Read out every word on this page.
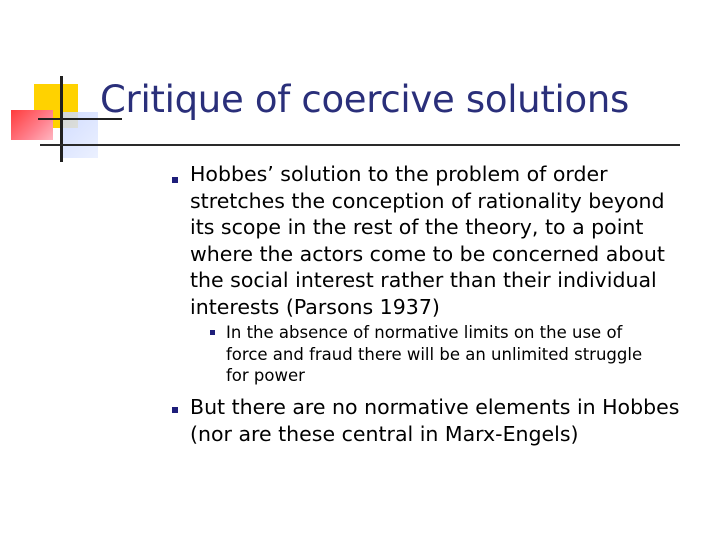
Critique of coercive solutions
Hobbes’ solution to the problem of order
stretches the conception of rationality beyond
its scope in the rest of the theory, to a point
where the actors come to be concerned about
the social interest rather than their individual
interests (Parsons 1937)
In the absence of normative limits on the use of
force and fraud there will be an unlimited struggle
for power
But there are no normative elements in Hobbes
(nor are these central in Marx-Engels)
